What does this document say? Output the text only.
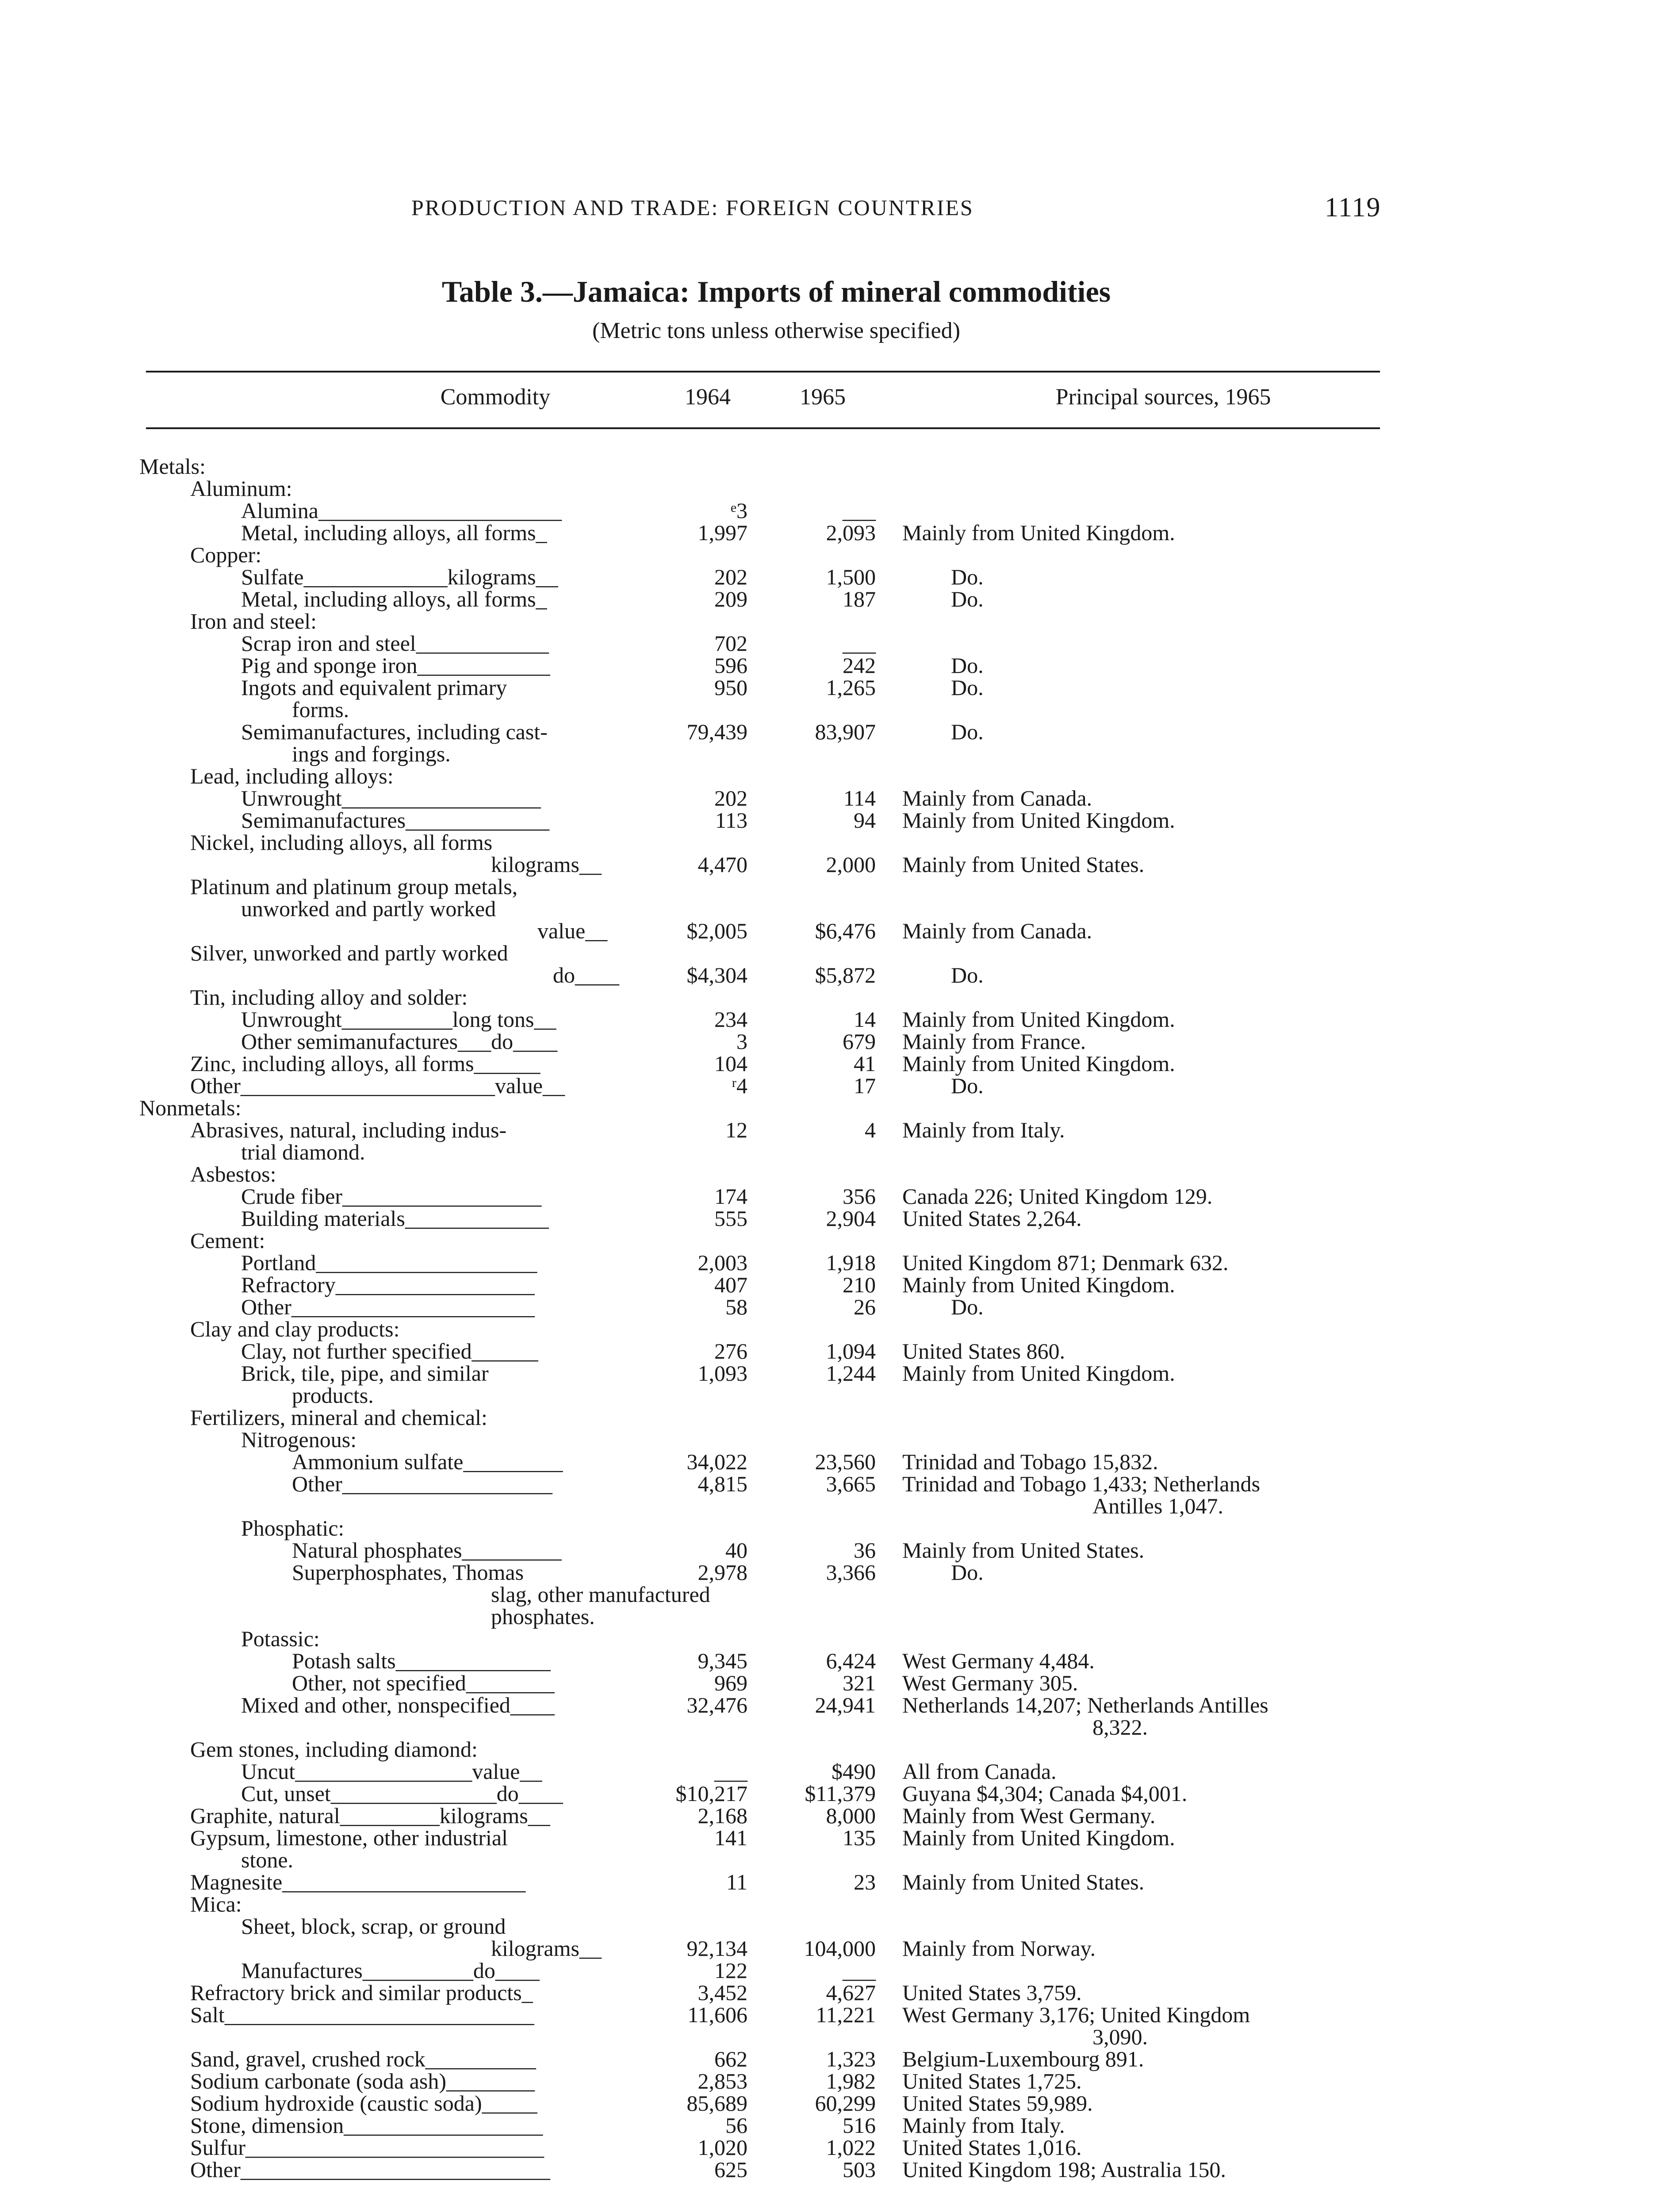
PRODUCTION AND TRADE: FOREIGN COUNTRIES	1119
Table 3.—Jamaica: Imports of mineral commodities
(Metric tons unless otherwise specified)
Commodity	1964	1965	Principal sources, 1965
Metals:
Aluminum:
Alumina______________________	ᵉ3	___
Metal, including alloys, all forms_	1,997	2,093 Mainly from United Kingdom.
Copper:
Sulfate_____________kilograms__	202	1,500	Do.
Metal, including alloys, all forms_	209	187	Do.
Iron and steel:
Scrap iron and steel____________	702	___
Pig and sponge iron____________	596	242	Do.
Ingots and equivalent primary	950	1,265	Do.
forms.
Semimanufactures, including cast-	79,439	83,907	Do.
ings and forgings.
Lead, including alloys:
Unwrought__________________	202	114 Mainly from Canada.
Semimanufactures_____________	113	94 Mainly from United Kingdom.
Nickel, including alloys, all forms
kilograms__	4,470	2,000 Mainly from United States.
Platinum and platinum group metals,
unworked and partly worked
value__	$2,005	$6,476 Mainly from Canada.
Silver, unworked and partly worked
do____	$4,304	$5,872	Do.
Tin, including alloy and solder:
Unwrought__________long tons__	234	14 Mainly from United Kingdom.
Other semimanufactures___do____	3	679 Mainly from France.
Zinc, including alloys, all forms______	104	41 Mainly from United Kingdom.
Other_______________________value__	ʳ4	17	Do.
Nonmetals:
Abrasives, natural, including indus-	12	4 Mainly from Italy.
trial diamond.
Asbestos:
Crude fiber__________________	174	356 Canada 226; United Kingdom 129.
Building materials_____________	555	2,904 United States 2,264.
Cement:
Portland____________________	2,003	1,918 United Kingdom 871; Denmark 632.
Refractory__________________	407	210 Mainly from United Kingdom.
Other______________________	58	26	Do.
Clay and clay products:
Clay, not further specified______	276	1,094 United States 860.
Brick, tile, pipe, and similar	1,093	1,244 Mainly from United Kingdom.
products.
Fertilizers, mineral and chemical:
Nitrogenous:
Ammonium sulfate_________	34,022	23,560 Trinidad and Tobago 15,832.
Other___________________	4,815	3,665 Trinidad and Tobago 1,433; Netherlands
Antilles 1,047.
Phosphatic:
Natural phosphates_________	40	36 Mainly from United States.
Superphosphates, Thomas	2,978	3,366	Do.
slag, other manufactured
phosphates.
Potassic:
Potash salts______________	9,345	6,424 West Germany 4,484.
Other, not specified________	969	321 West Germany 305.
Mixed and other, nonspecified____	32,476	24,941 Netherlands 14,207; Netherlands Antilles
8,322.
Gem stones, including diamond:
Uncut________________value__	___	$490 All from Canada.
Cut, unset_______________do____	$10,217	$11,379 Guyana $4,304; Canada $4,001.
Graphite, natural_________kilograms__	2,168	8,000 Mainly from West Germany.
Gypsum, limestone, other industrial	141	135 Mainly from United Kingdom.
stone.
Magnesite______________________	11	23 Mainly from United States.
Mica:
Sheet, block, scrap, or ground
kilograms__	92,134	104,000 Mainly from Norway.
Manufactures__________do____	122	___
Refractory brick and similar products_	3,452	4,627 United States 3,759.
Salt____________________________	11,606	11,221 West Germany 3,176; United Kingdom
3,090.
Sand, gravel, crushed rock__________	662	1,323 Belgium-Luxembourg 891.
Sodium carbonate (soda ash)________	2,853	1,982 United States 1,725.
Sodium hydroxide (caustic soda)_____	85,689	60,299 United States 59,989.
Stone, dimension__________________	56	516 Mainly from Italy.
Sulfur___________________________	1,020	1,022 United States 1,016.
Other____________________________	625	503 United Kingdom 198; Australia 150.
